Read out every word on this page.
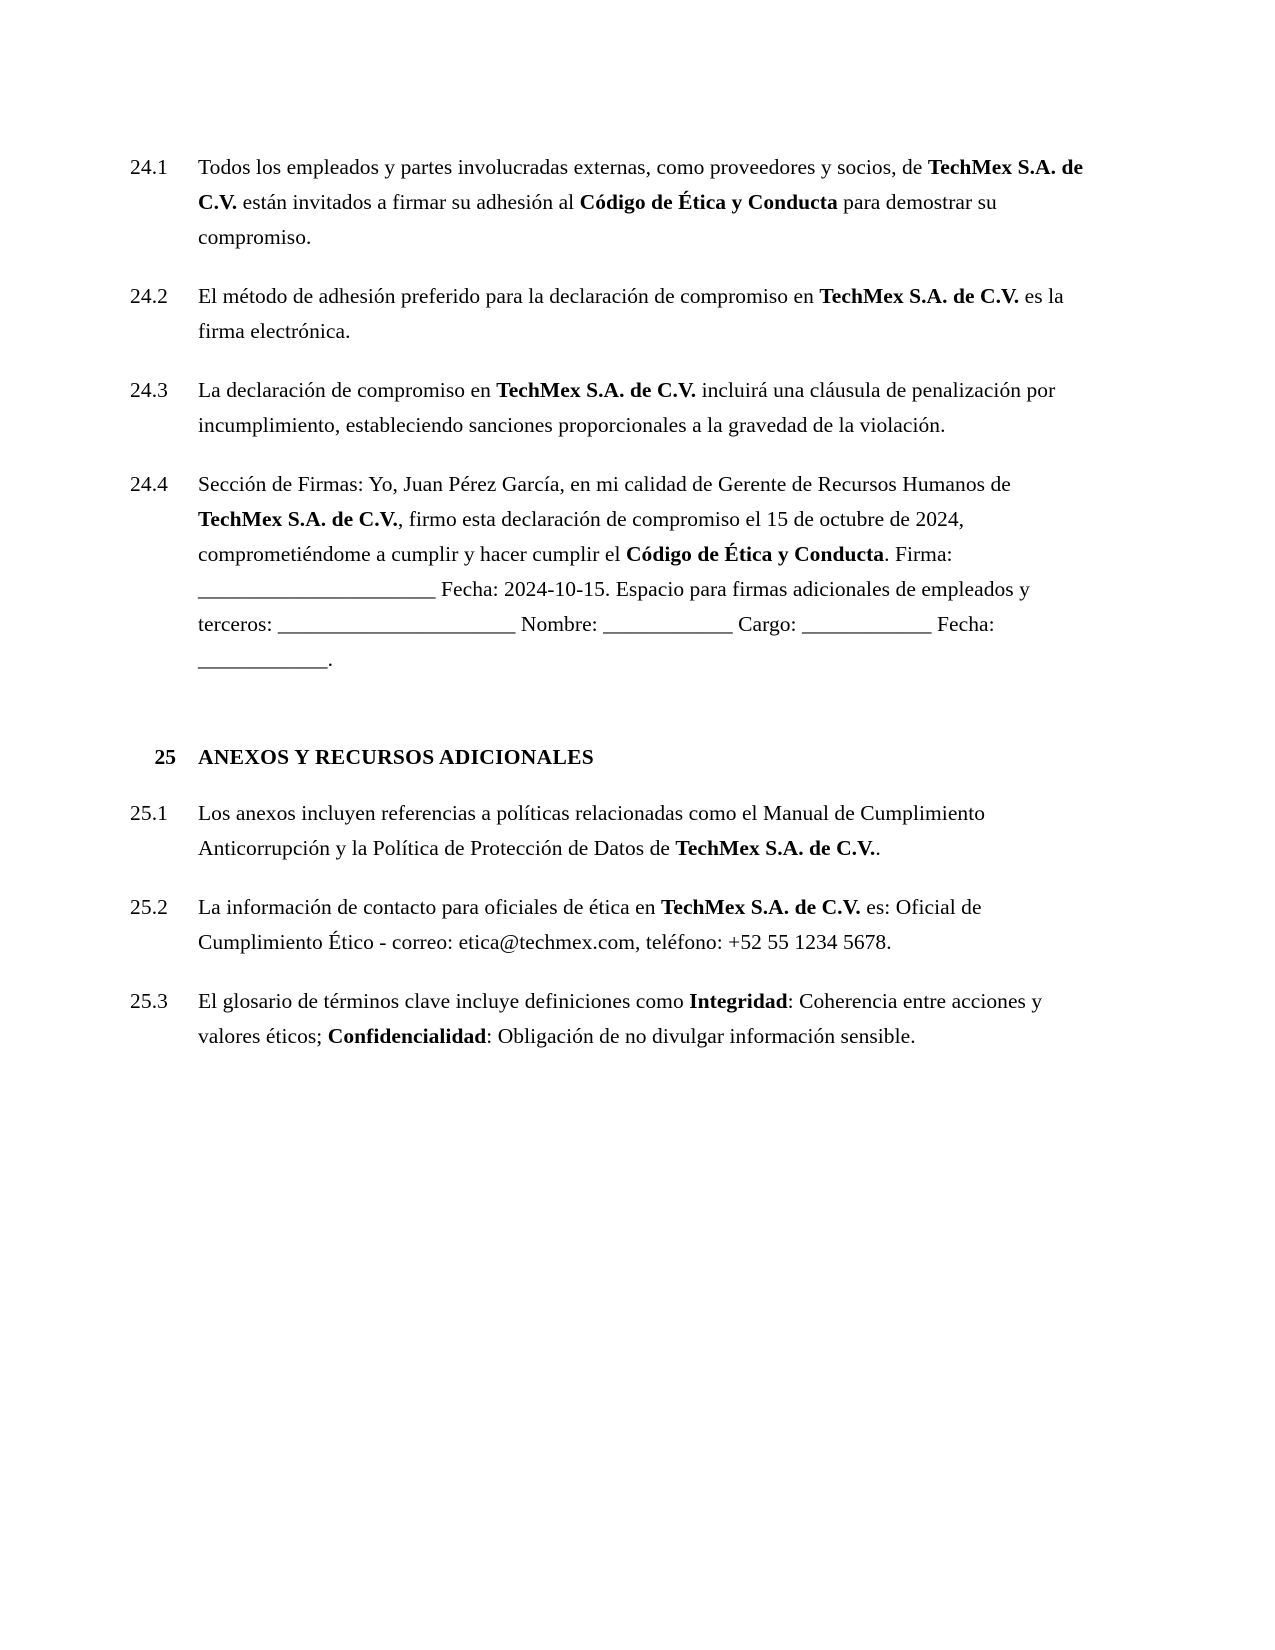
24.1	Todos los empleados y partes involucradas externas, como proveedores y socios, de TechMex S.A. de C.V. están invitados a firmar su adhesión al Código de Ética y Conducta para demostrar su compromiso.
24.2	El método de adhesión preferido para la declaración de compromiso en TechMex S.A. de C.V. es la firma electrónica.
24.3	La declaración de compromiso en TechMex S.A. de C.V. incluirá una cláusula de penalización por incumplimiento, estableciendo sanciones proporcionales a la gravedad de la violación.
24.4	Sección de Firmas: Yo, Juan Pérez García, en mi calidad de Gerente de Recursos Humanos de TechMex S.A. de C.V., firmo esta declaración de compromiso el 15 de octubre de 2024, comprometiéndome a cumplir y hacer cumplir el Código de Ética y Conducta. Firma: ______________________ Fecha: 2024-10-15. Espacio para firmas adicionales de empleados y terceros: ______________________ Nombre: ____________ Cargo: ____________ Fecha: ____________.
25	ANEXOS Y RECURSOS ADICIONALES
25.1	Los anexos incluyen referencias a políticas relacionadas como el Manual de Cumplimiento Anticorrupción y la Política de Protección de Datos de TechMex S.A. de C.V..
25.2	La información de contacto para oficiales de ética en TechMex S.A. de C.V. es: Oficial de Cumplimiento Ético - correo: etica@techmex.com, teléfono: +52 55 1234 5678.
25.3	El glosario de términos clave incluye definiciones como Integridad: Coherencia entre acciones y valores éticos; Confidencialidad: Obligación de no divulgar información sensible.
